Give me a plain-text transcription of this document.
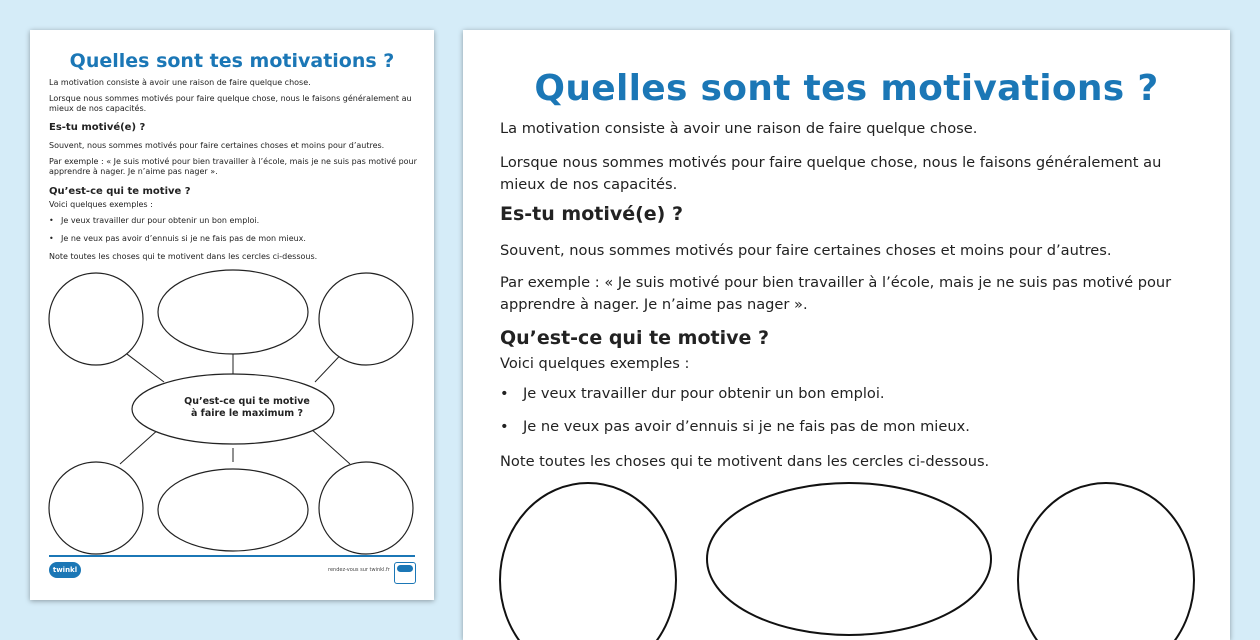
Quelles sont tes motivations ?

La motivation consiste à avoir une raison de faire quelque chose.

Lorsque nous sommes motivés pour faire quelque chose, nous le faisons généralement au mieux de nos capacités.

Es-tu motivé(e) ?

Souvent, nous sommes motivés pour faire certaines choses et moins pour d’autres.

Par exemple : « Je suis motivé pour bien travailler à l’école, mais je ne suis pas motivé pour apprendre à nager. Je n’aime pas nager ».

Qu’est-ce qui te motive ?

Voici quelques exemples :

• Je veux travailler dur pour obtenir un bon emploi.
• Je ne veux pas avoir d’ennuis si je ne fais pas de mon mieux.

Note toutes les choses qui te motivent dans les cercles ci-dessous.

Qu’est-ce qui te motive à faire le maximum ?
twinkl	rendez-vous sur twinkl.fr
Quelles sont tes motivations ?

La motivation consiste à avoir une raison de faire quelque chose.

Lorsque nous sommes motivés pour faire quelque chose, nous le faisons généralement au mieux de nos capacités.

Es-tu motivé(e) ?

Souvent, nous sommes motivés pour faire certaines choses et moins pour d’autres.

Par exemple : « Je suis motivé pour bien travailler à l’école, mais je ne suis pas motivé pour apprendre à nager. Je n’aime pas nager ».

Qu’est-ce qui te motive ?

Voici quelques exemples :

• Je veux travailler dur pour obtenir un bon emploi.
• Je ne veux pas avoir d’ennuis si je ne fais pas de mon mieux.

Note toutes les choses qui te motivent dans les cercles ci-dessous.
